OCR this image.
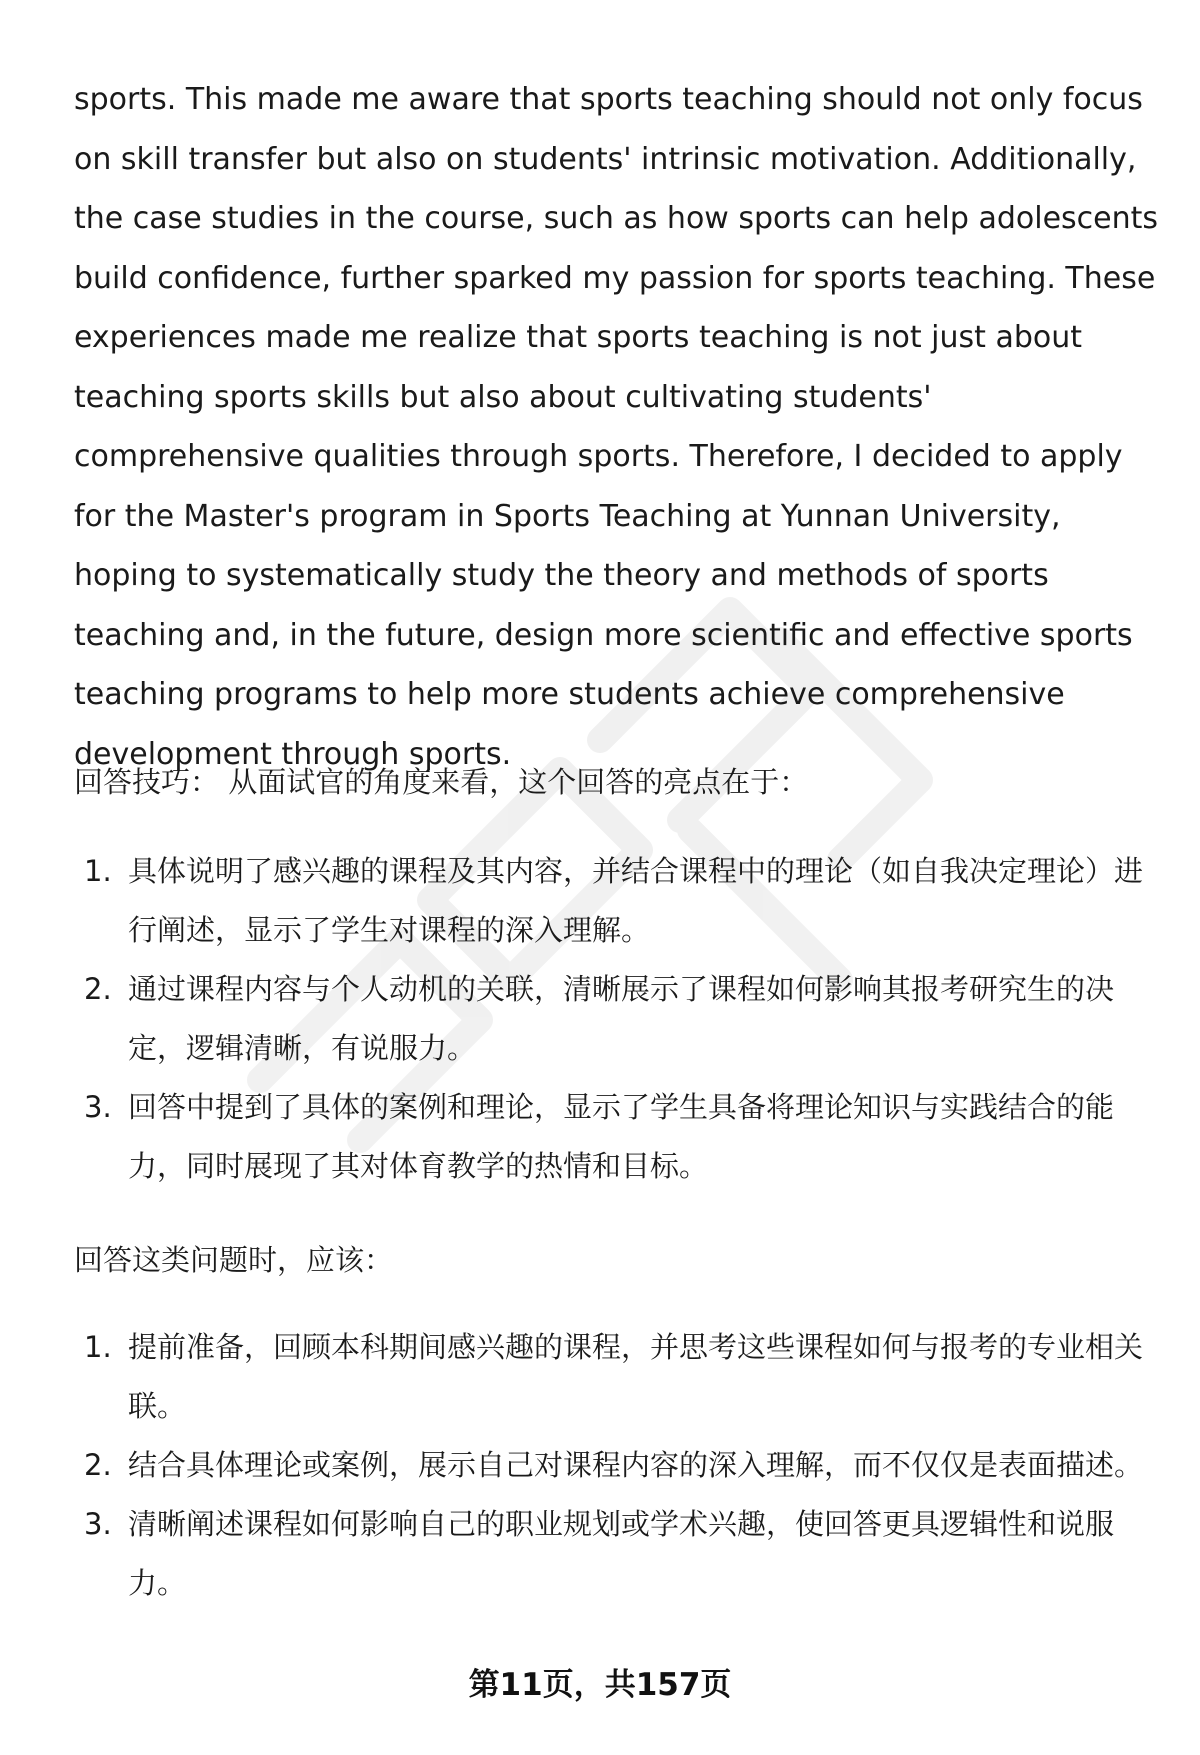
sports. This made me aware that sports teaching should not only focus on skill transfer but also on students' intrinsic motivation. Additionally, the case studies in the course, such as how sports can help adolescents build confidence, further sparked my passion for sports teaching. These experiences made me realize that sports teaching is not just about teaching sports skills but also about cultivating students' comprehensive qualities through sports. Therefore, I decided to apply for the Master's program in Sports Teaching at Yunnan University, hoping to systematically study the theory and methods of sports teaching and, in the future, design more scientific and effective sports teaching programs to help more students achieve comprehensive development through sports.

回答技巧： 从面试官的角度来看，这个回答的亮点在于：

1. 具体说明了感兴趣的课程及其内容，并结合课程中的理论（如自我决定理论）进行阐述，显示了学生对课程的深入理解。
2. 通过课程内容与个人动机的关联，清晰展示了课程如何影响其报考研究生的决定，逻辑清晰，有说服力。
3. 回答中提到了具体的案例和理论，显示了学生具备将理论知识与实践结合的能力，同时展现了其对体育教学的热情和目标。

回答这类问题时，应该：

1. 提前准备，回顾本科期间感兴趣的课程，并思考这些课程如何与报考的专业相关联。
2. 结合具体理论或案例，展示自己对课程内容的深入理解，而不仅仅是表面描述。
3. 清晰阐述课程如何影响自己的职业规划或学术兴趣，使回答更具逻辑性和说服力。
第11页，共157页
